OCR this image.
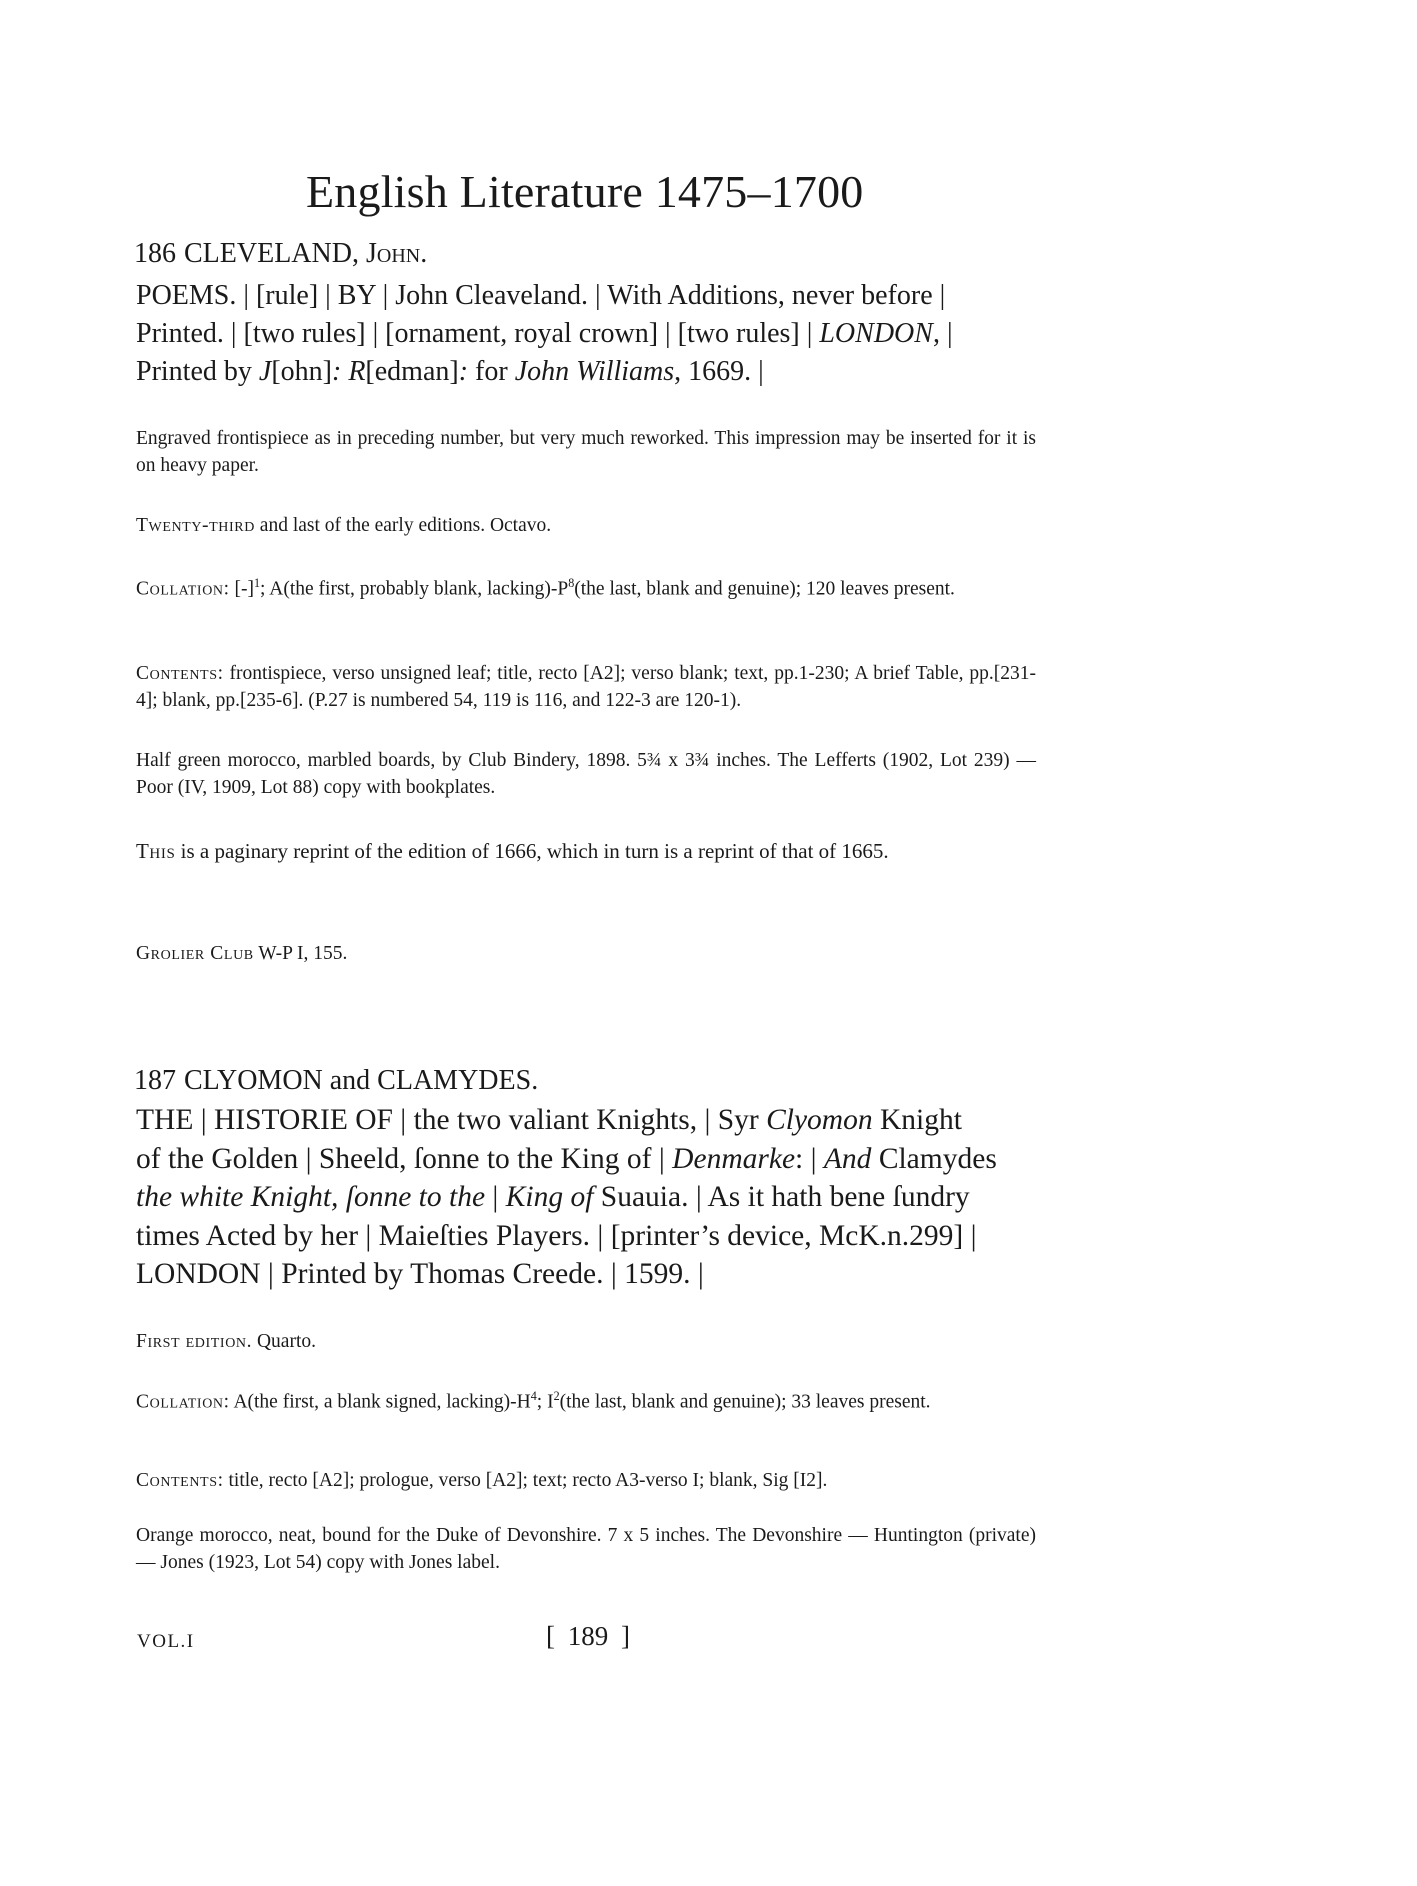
English Literature 1475–1700
186 CLEVELAND, John.
POEMS. | [rule] | BY | John Cleaveland. | With Additions, never before |
Printed. | [two rules] | [ornament, royal crown] | [two rules] | LONDON, |
Printed by J[ohn]: R[edman]: for John Williams, 1669. |
Engraved frontispiece as in preceding number, but very much reworked. This impression may be inserted for it is on heavy paper.
Twenty-third and last of the early editions. Octavo.
Collation: $[-]^1$; A(the first, probably blank, $lacking)-P^8(the$ last, blank and genuine); 120 leaves present.
Contents: frontispiece, verso unsigned leaf; title, recto [A2]; verso blank; text, pp.1-230; A brief Table, pp.[231-4]; blank, pp.[235-6]. (P.27 is numbered 54, 119 is 116, and 122-3 are 120-1).
Half green morocco, marbled boards, by Club Bindery, 1898. 5¾ x 3¾ inches. The Lefferts (1902, Lot 239) — Poor (IV, 1909, Lot 88) copy with bookplates.
This is a paginary reprint of the edition of 1666, which in turn is a reprint of that of 1665.
Grolier Club W-P I, 155.
187 CLYOMON and CLAMYDES.
THE | HISTORIE OF | the two valiant Knights, | Syr Clyomon Knight
of the Golden | Sheeld, ſonne to the King of | Denmarke: | And Clamydes
the white Knight, ſonne to the | King of Suauia. | As it hath bene ſundry
times Acted by her | Maieſties Players. | [printer’s device, McK.n.299] |
LONDON | Printed by Thomas Creede. | 1599. |
First edition. Quarto.
Collation: A(the first, a blank signed, $lacking)-H^4$; $I^2(the$ last, blank and genuine); 33 leaves present.
Contents: title, recto [A2]; prologue, verso [A2]; text; recto A3-verso I; blank, Sig [I2].
Orange morocco, neat, bound for the Duke of Devonshire. 7 x 5 inches. The Devonshire — Huntington (private) — Jones (1923, Lot 54) copy with Jones label.
VOL.I	[ 189 ]
